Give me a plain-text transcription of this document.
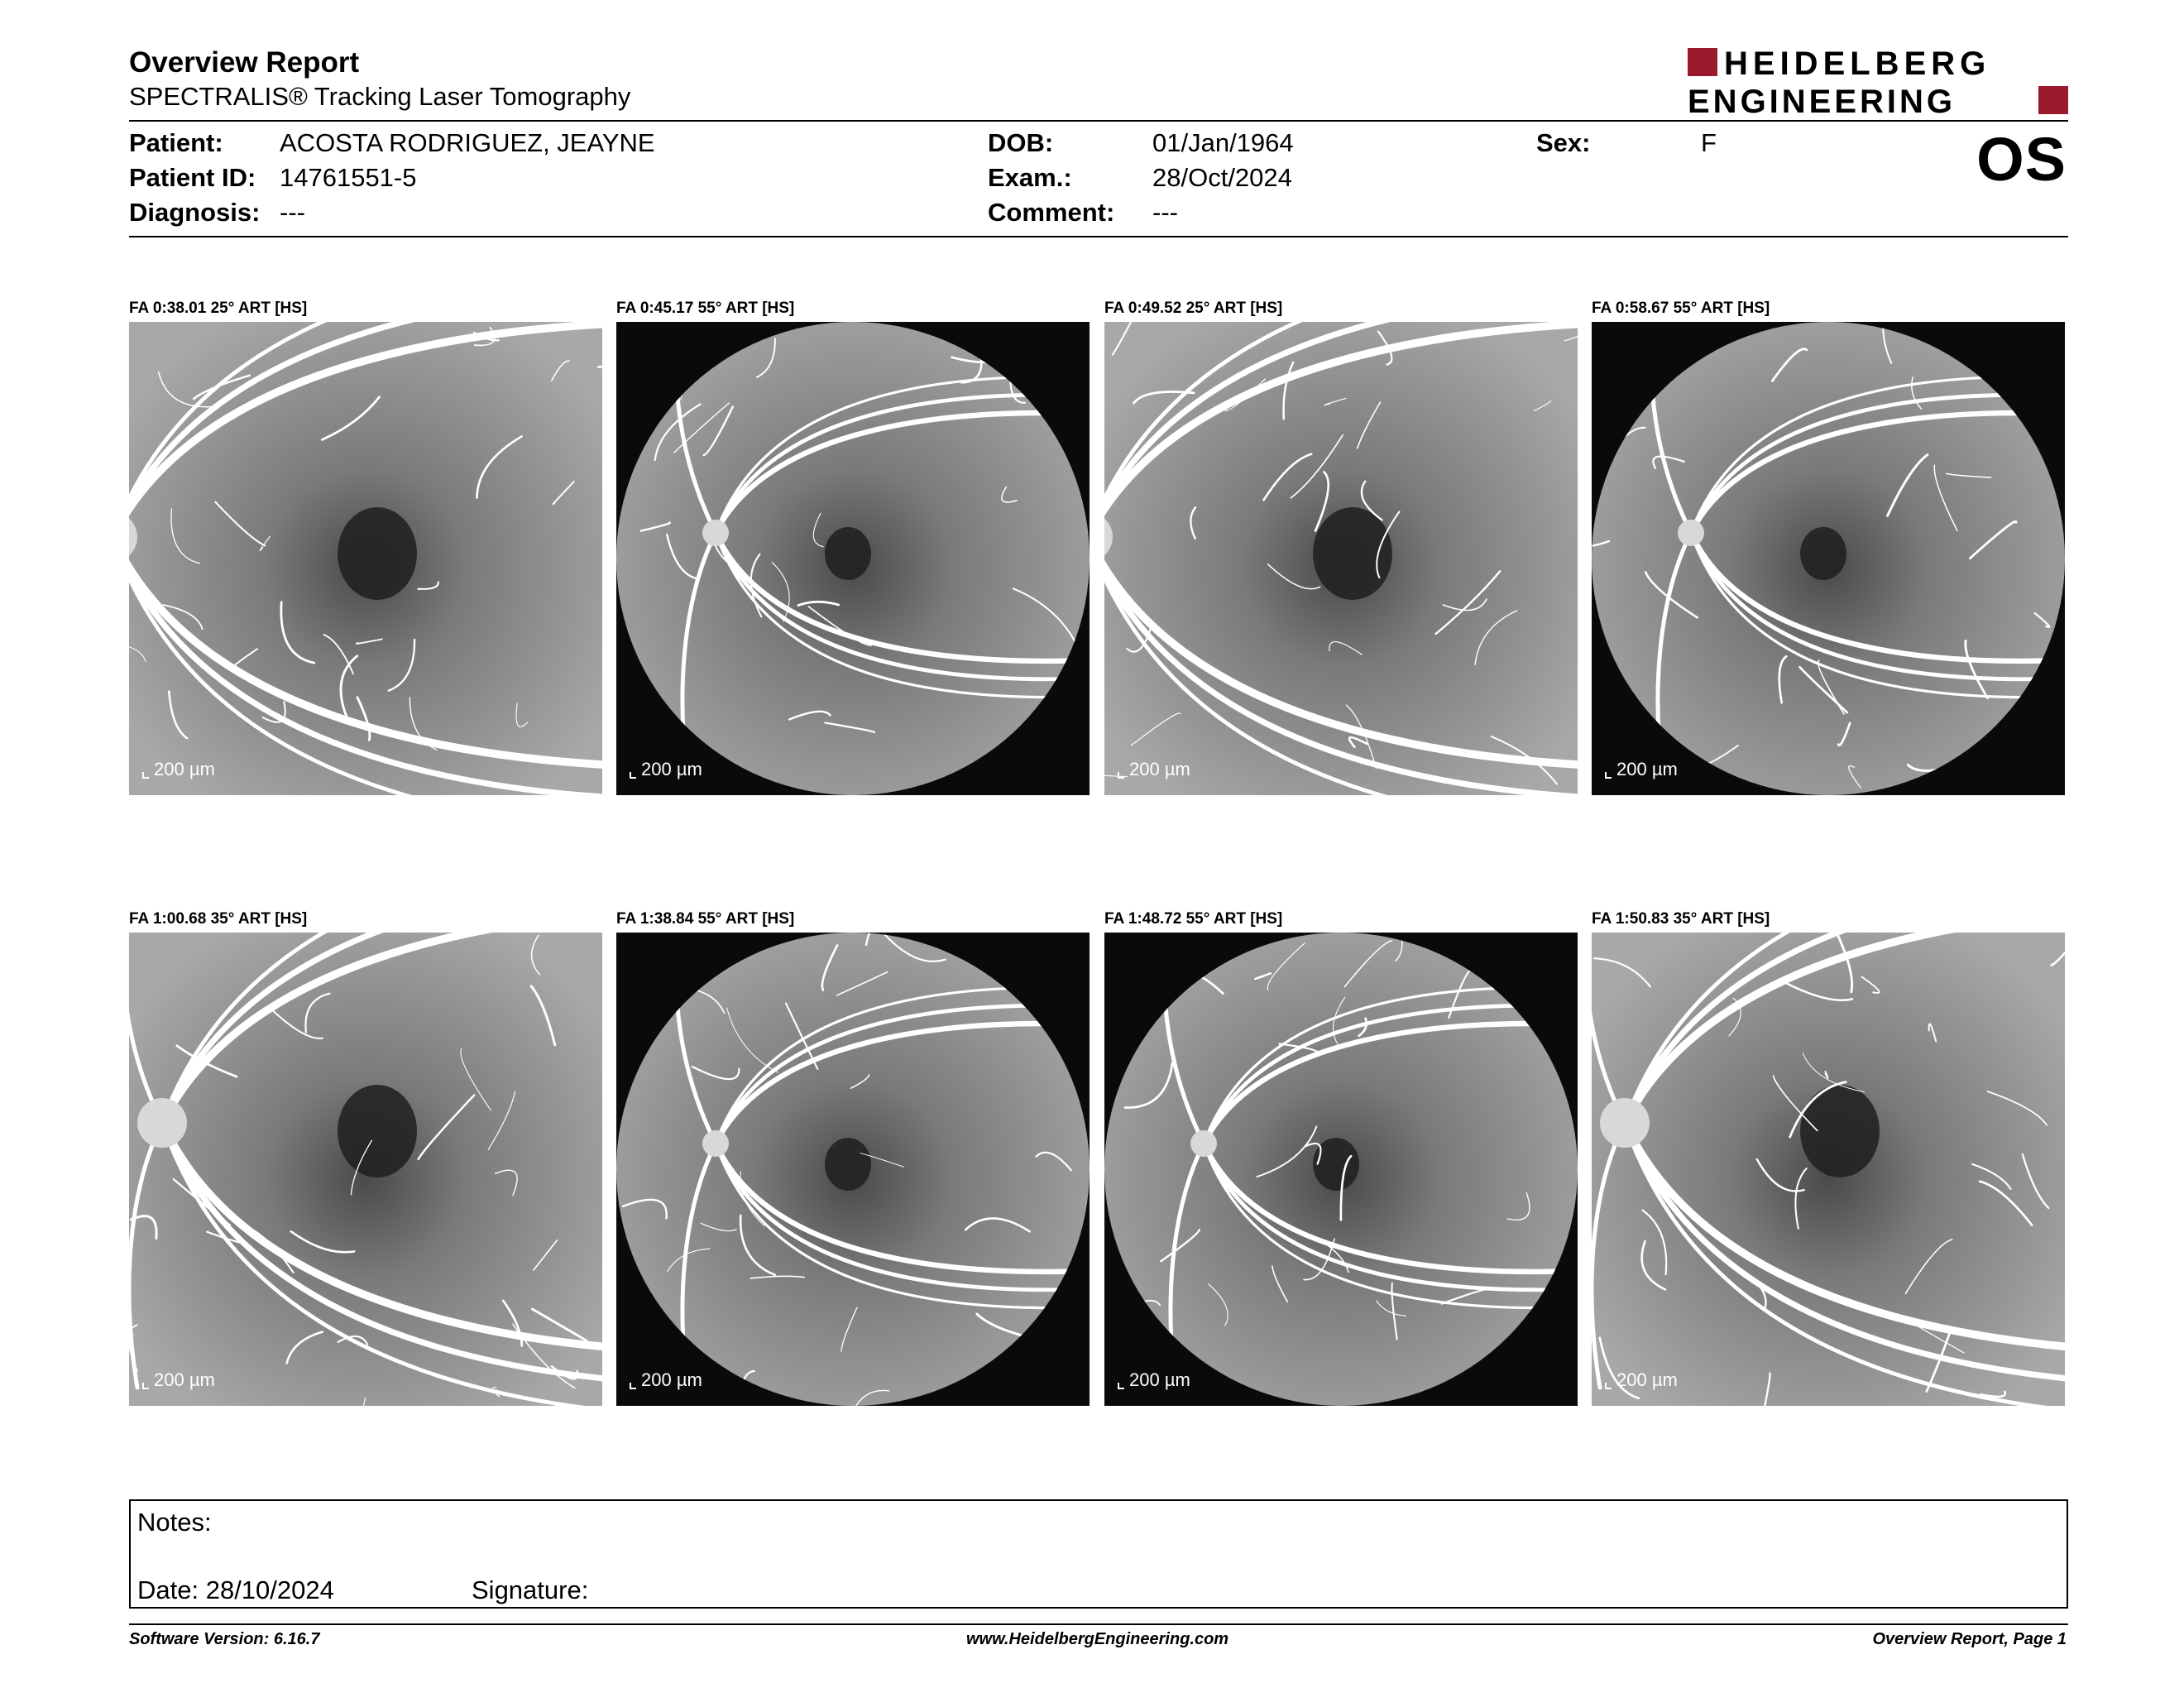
Overview Report
SPECTRALIS® Tracking Laser Tomography
HEIDELBERG
ENGINEERING
Patient: ACOSTA RODRIGUEZ, JEAYNE
Patient ID: 14761551-5
Diagnosis: ---
DOB:	01/Jan/1964
Exam.:	28/Oct/2024
Comment: ---
Sex:	F	OS
FA 0:38.01 25° ART [HS]
200 µm
FA 0:45.17 55° ART [HS]
200 µm
FA 0:49.52 25° ART [HS]
200 µm
FA 0:58.67 55° ART [HS]
200 µm
FA 1:00.68 35° ART [HS]
200 µm
FA 1:38.84 55° ART [HS]
200 µm
FA 1:48.72 55° ART [HS]
200 µm
FA 1:50.83 35° ART [HS]
200 µm
Notes:
Date: 28/10/2024	Signature:
Software Version: 6.16.7	www.HeidelbergEngineering.com	Overview Report, Page 1
